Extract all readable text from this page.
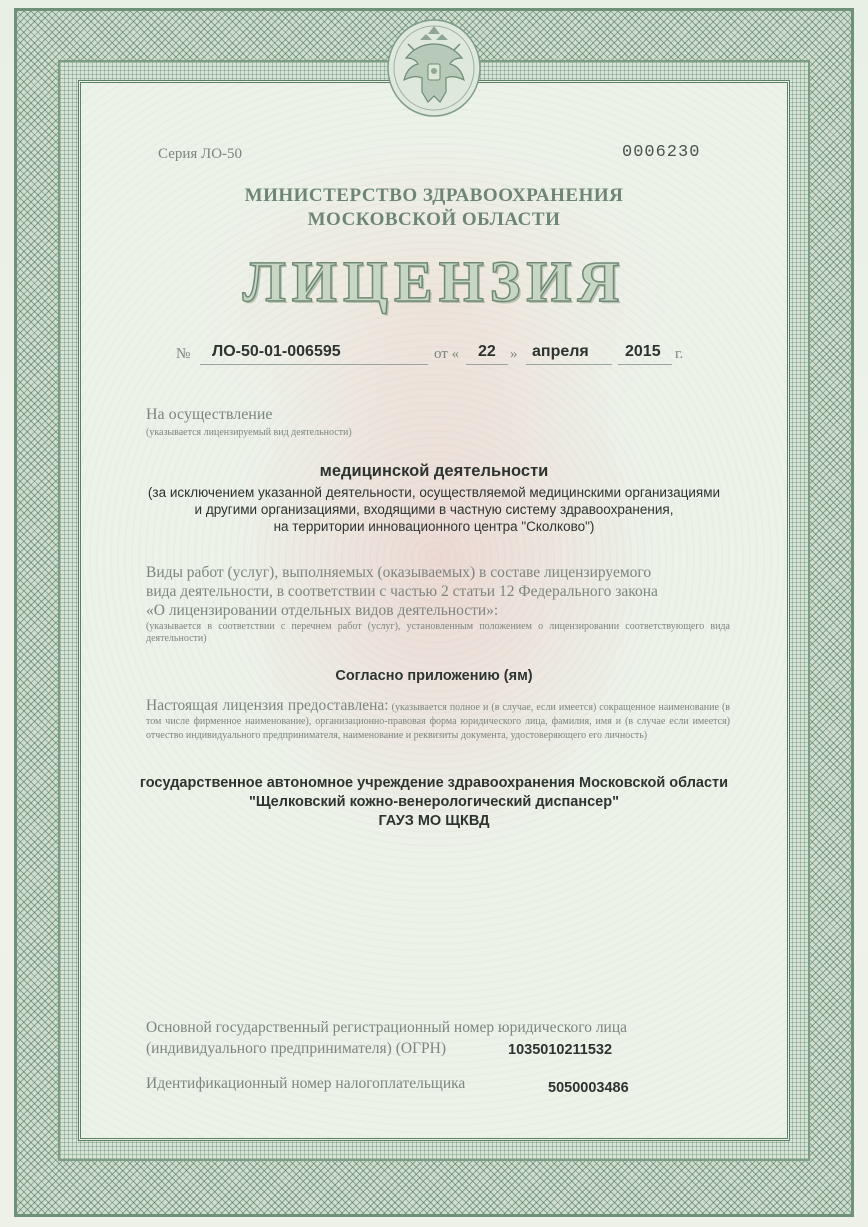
Серия ЛО-50	0006230
МИНИСТЕРСТВО ЗДРАВООХРАНЕНИЯ
МОСКОВСКОЙ ОБЛАСТИ
ЛИЦЕНЗИЯ
№ ЛО-50-01-006595	от « 22 » апреля 2015 г.
На осуществление
(указывается лицензируемый вид деятельности)
медицинской деятельности
(за исключением указанной деятельности, осуществляемой медицинскими организациями
и другими организациями, входящими в частную систему здравоохранения,
на территории инновационного центра "Сколково")
Виды работ (услуг), выполняемых (оказываемых) в составе лицензируемого
вида деятельности, в соответствии с частью 2 статьи 12 Федерального закона
«О лицензировании отдельных видов деятельности»:
(указывается в соответствии с перечнем работ (услуг), установленным положением о лицензировании соответствующего вида деятельности)
Согласно приложению (ям)
Настоящая лицензия предоставлена: (указывается полное и (в случае, если имеется) сокращенное наименование (в том числе фирменное наименование), организационно-правовая форма юридического лица, фамилия, имя и (в случае если имеется) отчество индивидуального предпринимателя, наименование и реквизиты документа, удостоверяющего его личность)
государственное автономное учреждение здравоохранения Московской области
"Щелковский кожно-венерологический диспансер"
ГАУЗ МО ЩКВД
Основной государственный регистрационный номер юридического лица
(индивидуального предпринимателя) (ОГРН)	1035010211532
Идентификационный номер налогоплательщика	5050003486
